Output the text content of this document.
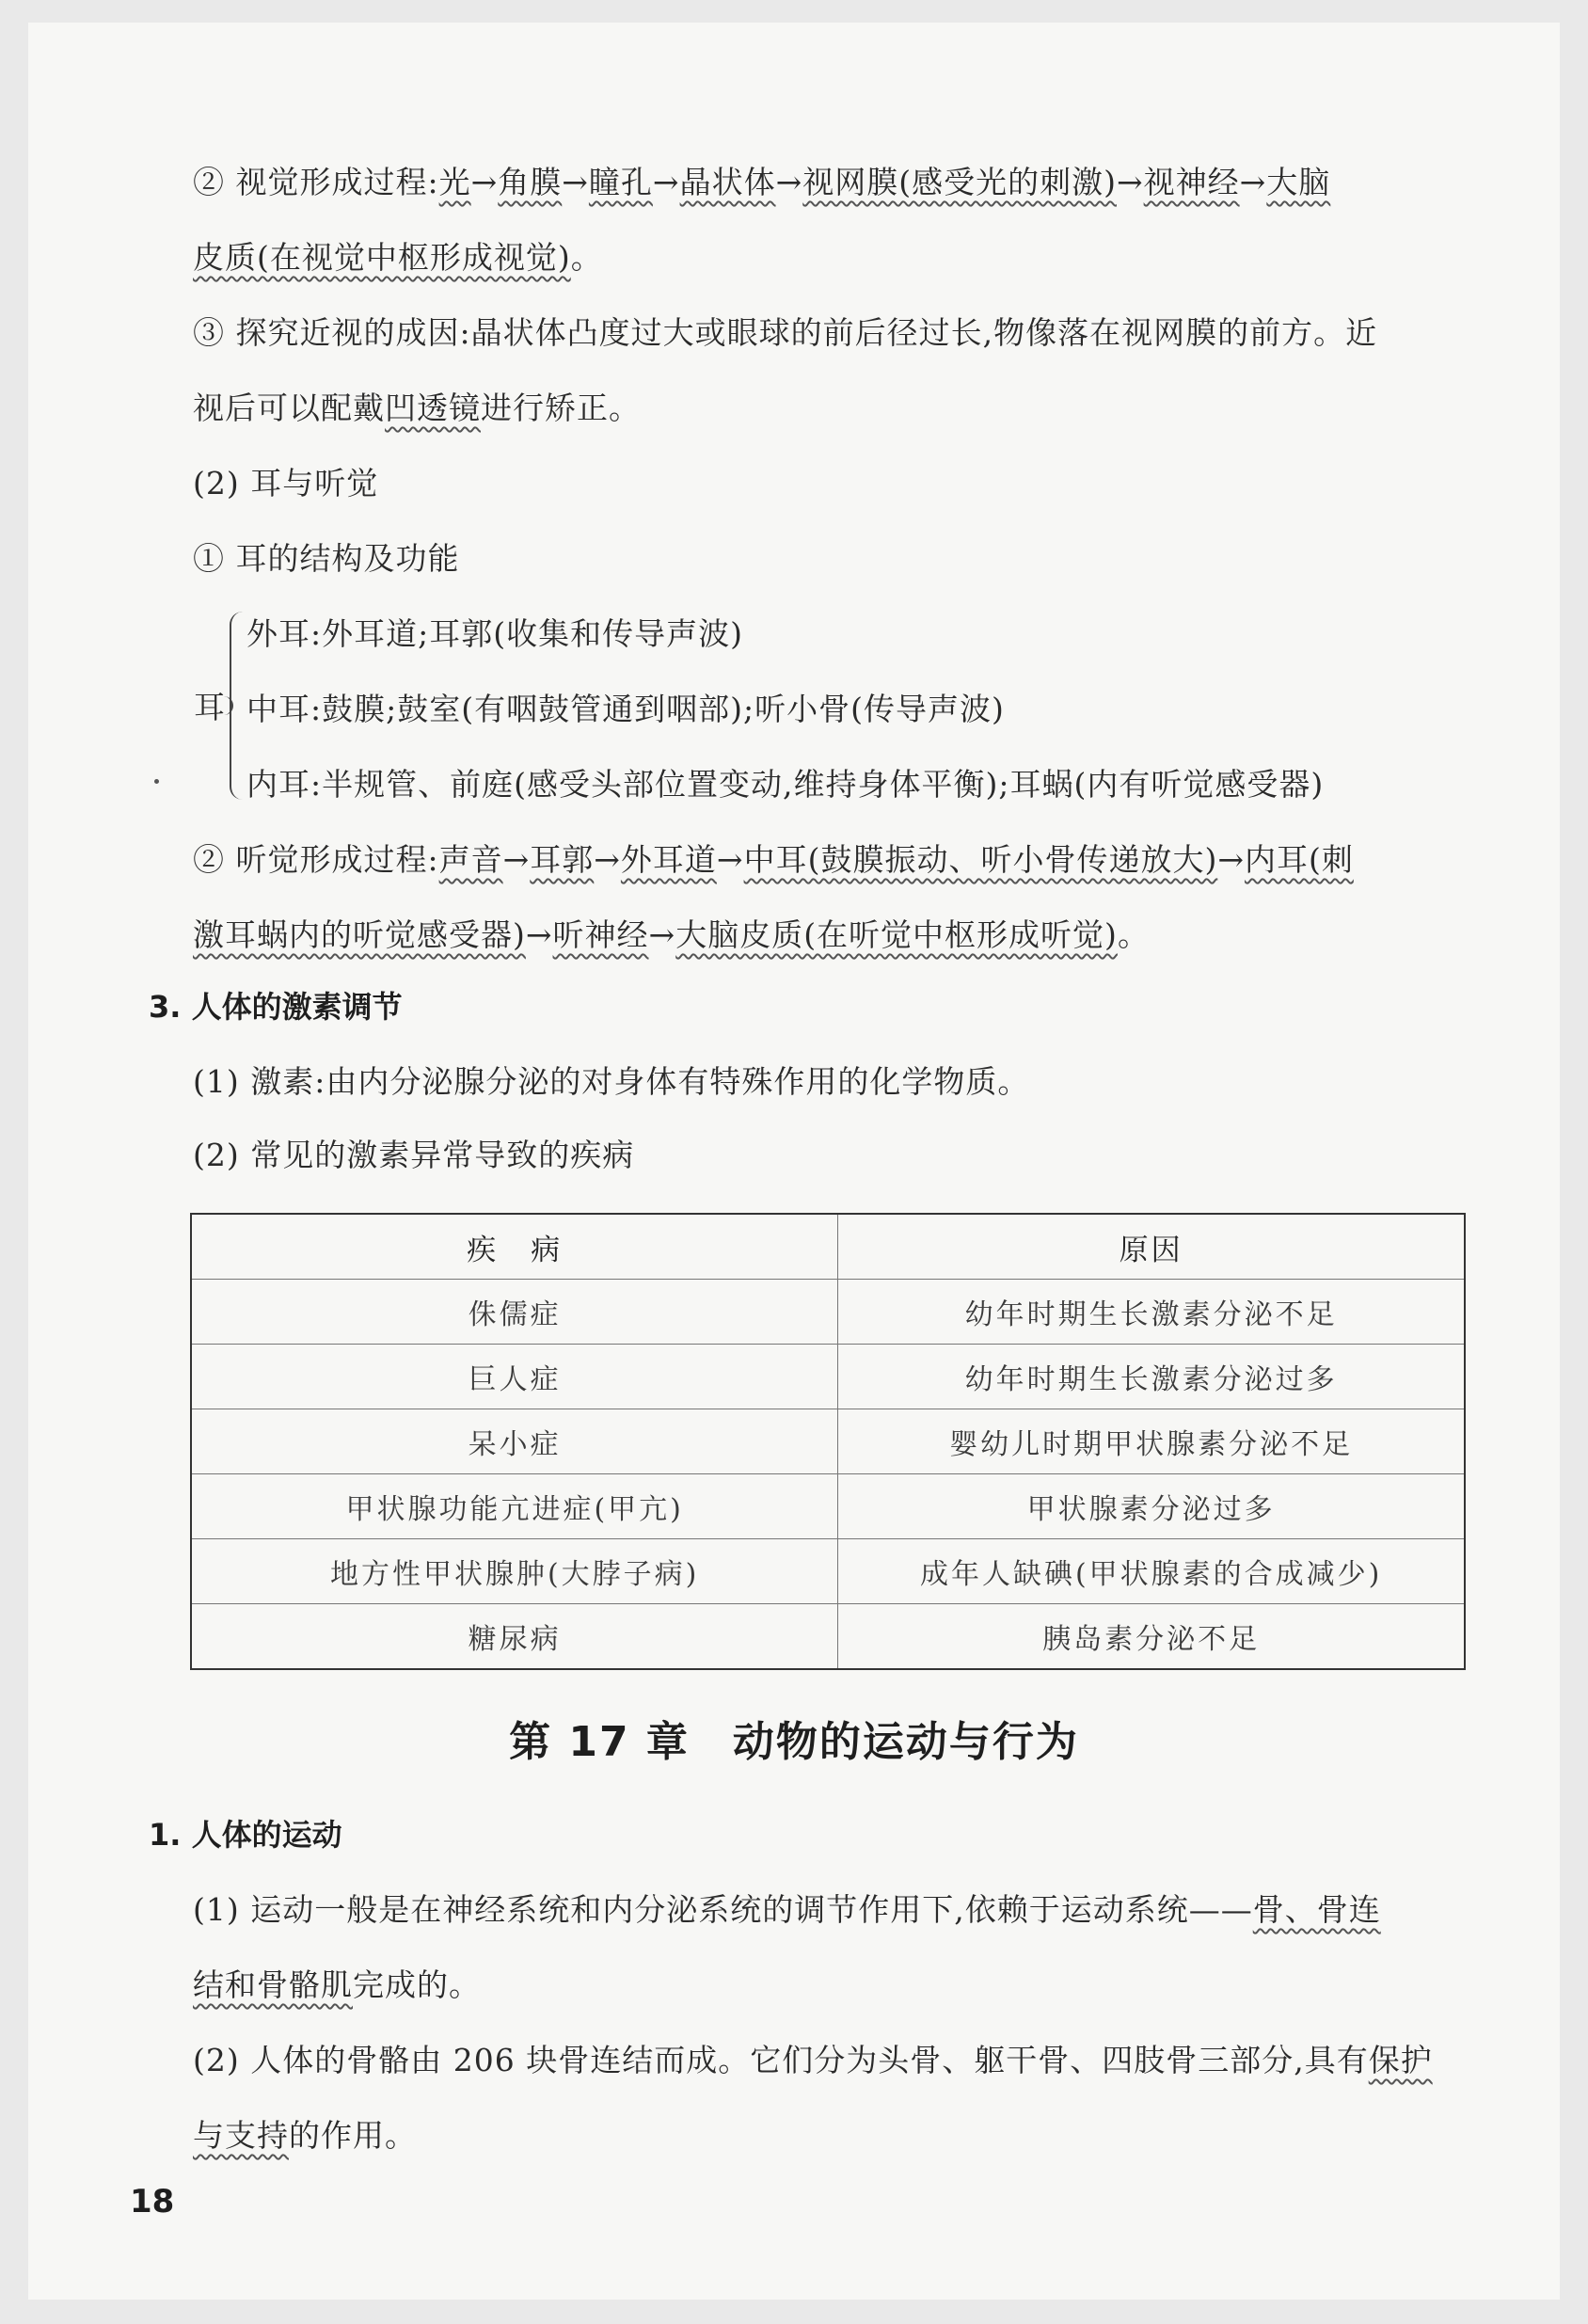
② 视觉形成过程:光→角膜→瞳孔→晶状体→视网膜(感受光的刺激)→视神经→大脑
皮质(在视觉中枢形成视觉)。
③ 探究近视的成因:晶状体凸度过大或眼球的前后径过长,物像落在视网膜的前方。近
视后可以配戴凹透镜进行矫正。
(2) 耳与听觉
① 耳的结构及功能
耳
外耳:外耳道;耳郭(收集和传导声波)
中耳:鼓膜;鼓室(有咽鼓管通到咽部);听小骨(传导声波)
内耳:半规管、前庭(感受头部位置变动,维持身体平衡);耳蜗(内有听觉感受器)
② 听觉形成过程:声音→耳郭→外耳道→中耳(鼓膜振动、听小骨传递放大)→内耳(刺
激耳蜗内的听觉感受器)→听神经→大脑皮质(在听觉中枢形成听觉)。
3. 人体的激素调节
(1) 激素:由内分泌腺分泌的对身体有特殊作用的化学物质。
(2) 常见的激素异常导致的疾病
疾　病	原因
侏儒症	幼年时期生长激素分泌不足
巨人症	幼年时期生长激素分泌过多
呆小症	婴幼儿时期甲状腺素分泌不足
甲状腺功能亢进症(甲亢)	甲状腺素分泌过多
地方性甲状腺肿(大脖子病)	成年人缺碘(甲状腺素的合成减少)
糖尿病	胰岛素分泌不足
第 17 章　动物的运动与行为
1. 人体的运动
(1) 运动一般是在神经系统和内分泌系统的调节作用下,依赖于运动系统——骨、骨连
结和骨骼肌完成的。
(2) 人体的骨骼由 206 块骨连结而成。它们分为头骨、躯干骨、四肢骨三部分,具有保护
与支持的作用。
18
